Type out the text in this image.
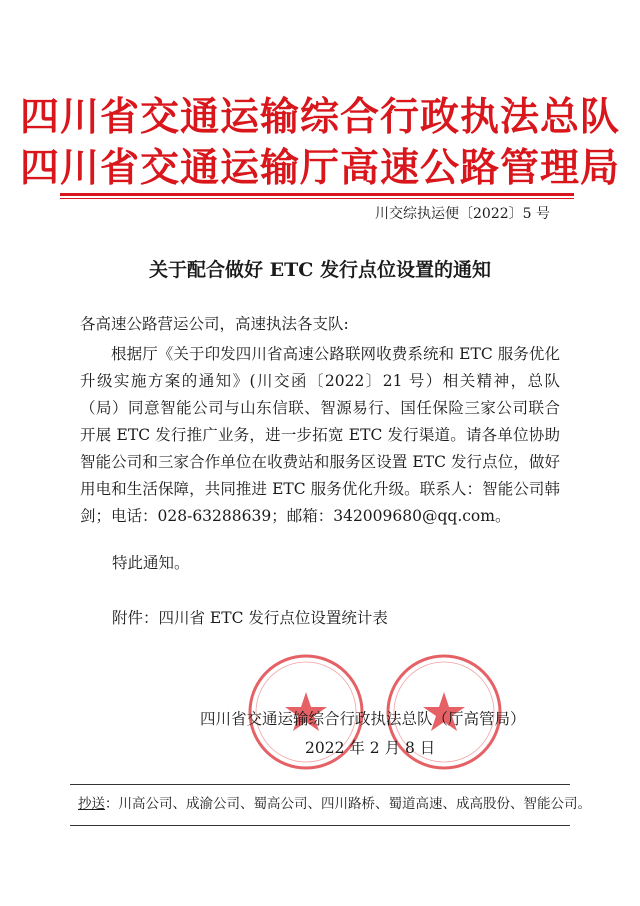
四川省交通运输综合行政执法总队
四川省交通运输厅高速公路管理局
川交综执运便〔2022〕5 号
关于配合做好 ETC 发行点位设置的通知
各高速公路营运公司，高速执法各支队:
根据厅《关于印发四川省高速公路联网收费系统和 ETC 服务优化升级实施方案的通知》(川交函〔2022〕21 号）相关精神，总队（局）同意智能公司与山东信联、智源易行、国任保险三家公司联合开展 ETC 发行推广业务，进一步拓宽 ETC 发行渠道。请各单位协助智能公司和三家合作单位在收费站和服务区设置 ETC 发行点位，做好用电和生活保障，共同推进 ETC 服务优化升级。联系人：智能公司韩剑；电话：028-63288639；邮箱：342009680@qq.com。
特此通知。
附件：四川省 ETC 发行点位设置统计表
四川省交通运输综合行政执法总队（厅高管局）
2022 年 2 月 8 日
抄送：川高公司、成渝公司、蜀高公司、四川路桥、蜀道高速、成高股份、智能公司。
